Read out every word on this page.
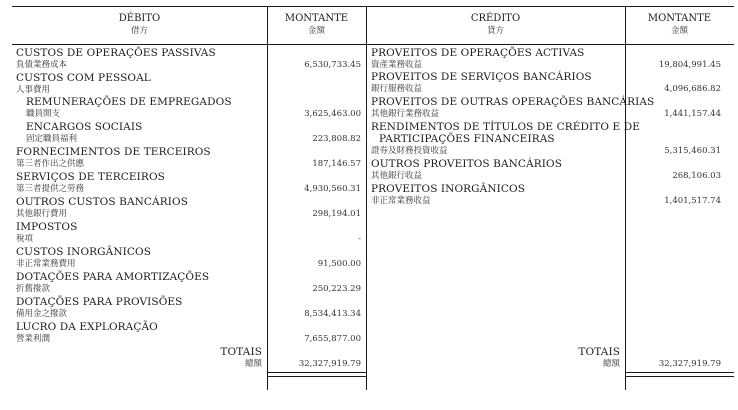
DÉBITO
借方
MONTANTE
金額
CRÉDITO
貸方
MONTANTE
金額
CUSTOS DE OPERAÇÕES PASSIVAS
負債業務成本	6,530,733.45
CUSTOS COM PESSOAL
人事費用
REMUNERAÇÕES DE EMPREGADOS
職員開支	3,625,463.00
ENCARGOS SOCIAIS
固定職員福利	223,808.82
FORNECIMENTOS DE TERCEIROS
第三者作出之供應	187,146.57
SERVIÇOS DE TERCEIROS
第三者提供之勞務	4,930,560.31
OUTROS CUSTOS BANCÁRIOS
其他銀行費用	298,194.01
IMPOSTOS
稅項	-
CUSTOS INORGÂNICOS
非正常業務費用	91,500.00
DOTAÇÕES PARA AMORTIZAÇÕES
折舊撥款	250,223.29
DOTAÇÕES PARA PROVISÕES
備用金之撥款	8,534,413.34
LUCRO DA EXPLORAÇÃO
營業利潤	7,655,877.00
TOTAIS
總額	32,327,919.79
PROVEITOS DE OPERAÇÕES ACTIVAS
資產業務收益	19,804,991.45
PROVEITOS DE SERVIÇOS BANCÁRIOS
銀行服務收益	4,096,686.82
PROVEITOS DE OUTRAS OPERAÇÕES BANCÁRIAS
其他銀行業務收益	1,441,157.44
RENDIMENTOS DE TÍTULOS DE CRÉDITO E DE
PARTICIPAÇÕES FINANCEIRAS
證券及財務投資收益	5,315,460.31
OUTROS PROVEITOS BANCÁRIOS
其他銀行收益	268,106.03
PROVEITOS INORGÂNICOS
非正常業務收益	1,401,517.74
TOTAIS
總額	32,327,919.79
